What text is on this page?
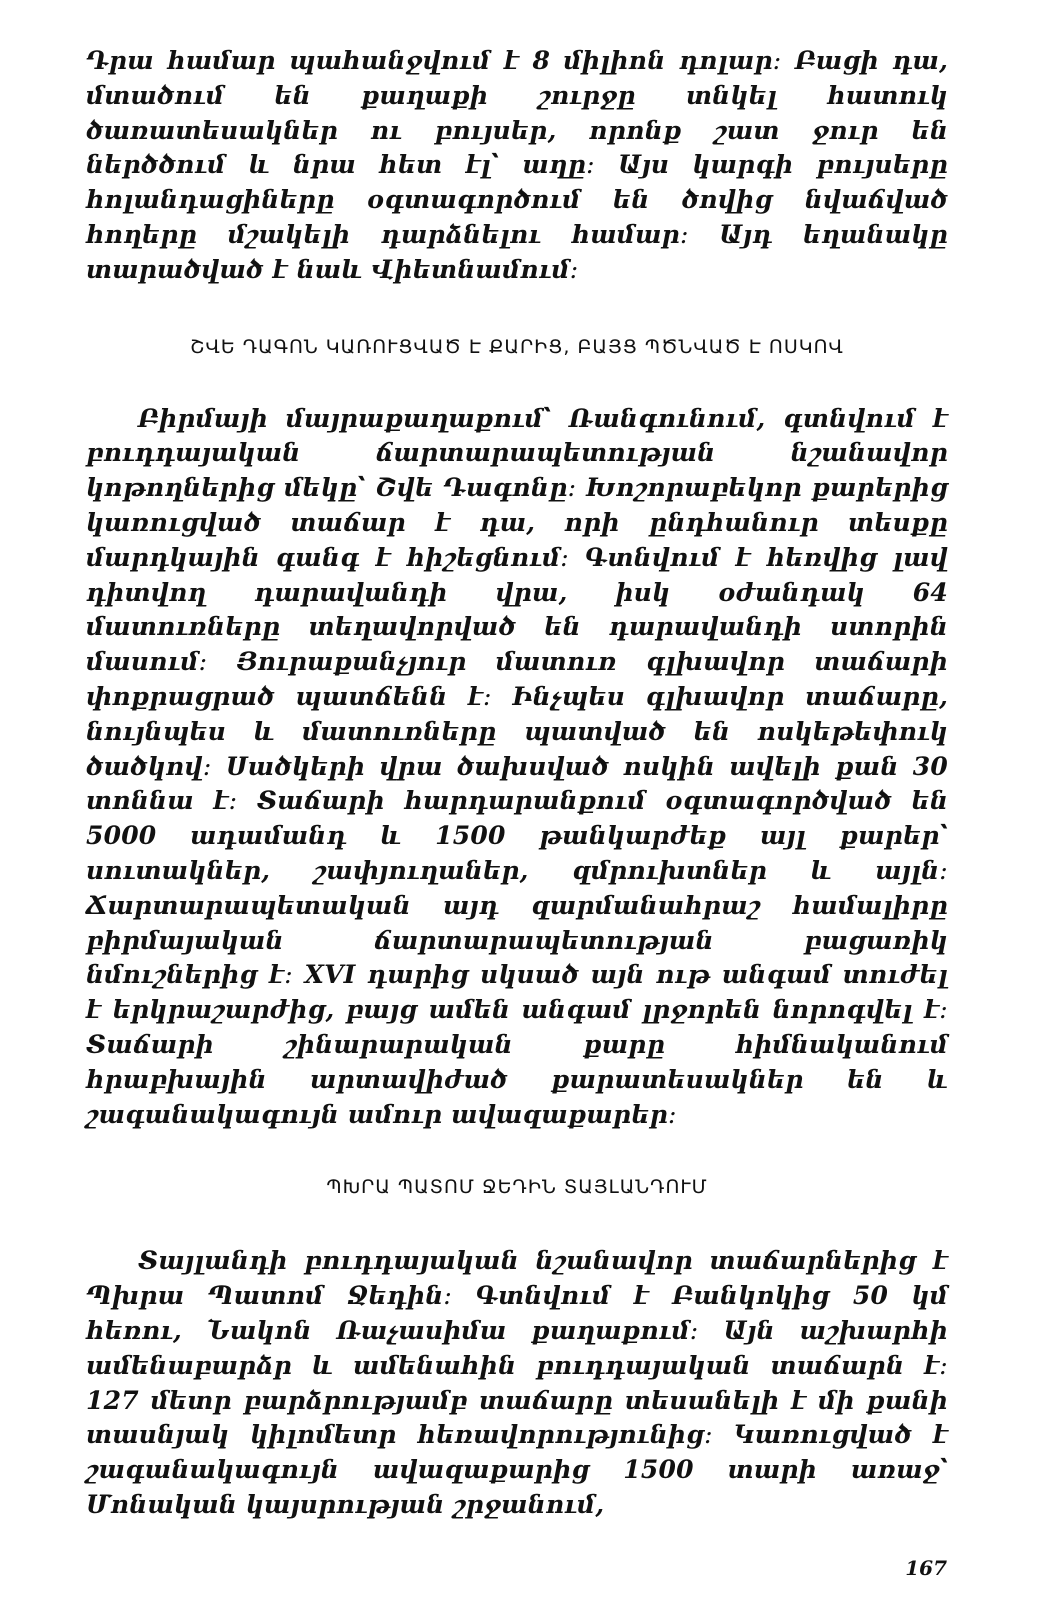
Դրա համար պահանջվում է 8 միլիոն դոլար։ Բացի դա, մտածում են քաղաքի շուրջը տնկել հատուկ ծառատեսակներ ու բույսեր, որոնք շատ ջուր են ներծծում և նրա հետ էլ՝ աղը։ Այս կարգի բույսերը հոլանդացիները օգտագործում են ծովից նվաճված հողերը մշակելի դարձնելու համար։ Այդ եղանակը տարածված է նաև Վիետնամում։

ՇՎԵ ԴԱԳՈՆ ԿԱՌՈՒՑՎԱԾ Է ՔԱՐԻՑ, ԲԱՅՑ ՊԾՆՎԱԾ Է ՈՍԿՈՎ

Բիրմայի մայրաքաղաքում՝ Ռանգունում, գտնվում է բուդդայական ճարտարապետության նշանավոր կոթողներից մեկը՝ Շվե Դագոնը։ Խոշորաբեկոր քարերից կառուցված տաճար է դա, որի ընդհանուր տեսքը մարդկային գանգ է հիշեցնում։ Գտնվում է հեռվից լավ դիտվող դարավանդի վրա, իսկ օժանդակ 64 մատուռները տեղավորված են դարավանդի ստորին մասում։ Յուրաքանչյուր մատուռ գլխավոր տաճարի փոքրացրած պատճենն է։ Ինչպես գլխավոր տաճարը, նույնպես և մատուռները պատված են ոսկեթեփուկ ծածկով։ Սածկերի վրա ծախսված ոսկին ավելի քան 30 տոննա է։ Տաճարի հարդարանքում օգտագործված են 5000 ադամանդ և 1500 թանկարժեք այլ քարեր՝ սուտակներ, շափյուղաներ, զմրուխտներ և այլն։ Ճարտարապետական այդ զարմանահրաշ համալիրը բիրմայական ճարտարապետության բացառիկ նմուշներից է։ XVI դարից սկսած այն ութ անգամ տուժել է երկրաշարժից, բայց ամեն անգամ լրջորեն նորոգվել է։ Տաճարի շինարարական քարը հիմնականում հրաբխային արտավիժած քարատեսակներ են և շագանակագույն ամուր ավազաքարեր։

ՊԽՐԱ ՊԱՏՈՄ ՋԵԴԻՆ ՏԱՅԼԱՆԴՈՒՄ

Տայլանդի բուդդայական նշանավոր տաճարներից է Պխրա Պատոմ Ջեդին։ Գտնվում է Բանկոկից 50 կմ հեռու, Նակոն Ռաչասիմա քաղաքում։ Այն աշխարհի ամենաբարձր և ամենահին բուդդայական տաճարն է։ 127 մետր բարձրությամբ տաճարը տեսանելի է մի քանի տասնյակ կիլոմետր հեռավորությունից։ Կառուցված է շագանակագույն ավազաքարից 1500 տարի առաջ՝ Մոնական կայսրության շրջանում,

167
